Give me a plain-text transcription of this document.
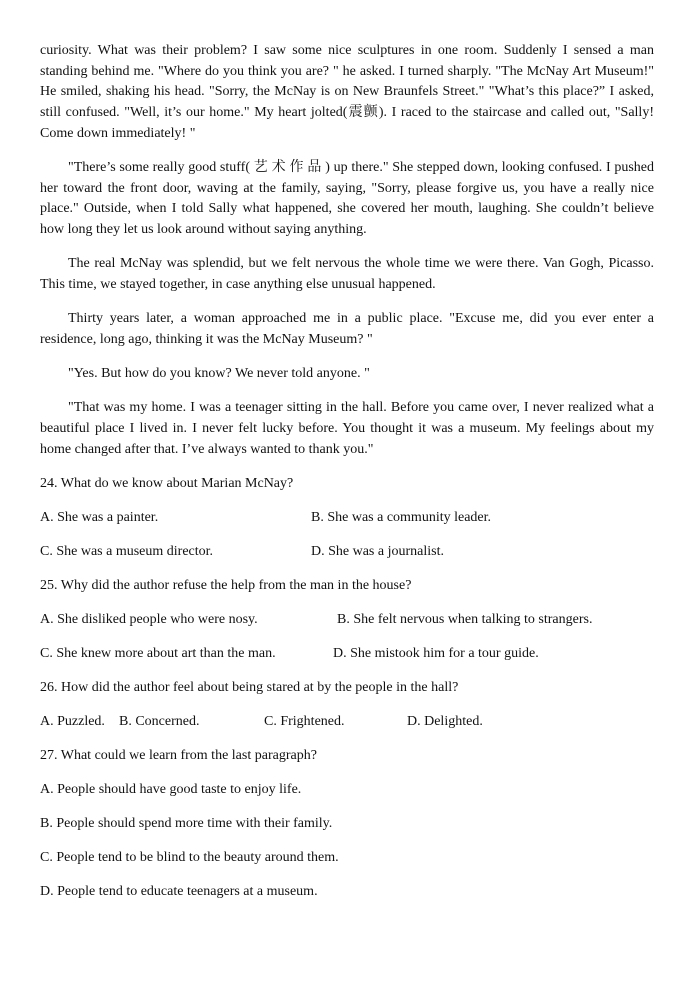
curiosity. What was their problem? I saw some nice sculptures in one room. Suddenly I sensed a man standing behind me. "Where do you think you are? " he asked. I turned sharply. "The McNay Art Museum!" He smiled, shaking his head. "Sorry, the McNay is on New Braunfels Street." "What’s this place?” I asked, still confused. "Well, it’s our home." My heart jolted(震颤). I raced to the staircase and called out, "Sally! Come down immediately! "

"There’s some really good stuff( 艺 术 作 品 ) up there." She stepped down, looking confused. I pushed her toward the front door, waving at the family, saying, "Sorry, please forgive us, you have a really nice place." Outside, when I told Sally what happened, she covered her mouth, laughing. She couldn’t believe how long they let us look around without saying anything.

The real McNay was splendid, but we felt nervous the whole time we were there. Van Gogh, Picasso. This time, we stayed together, in case anything else unusual happened.

Thirty years later, a woman approached me in a public place. "Excuse me, did you ever enter a residence, long ago, thinking it was the McNay Museum? "

"Yes. But how do you know? We never told anyone. "

"That was my home. I was a teenager sitting in the hall. Before you came over, I never realized what a beautiful place I lived in. I never felt lucky before. You thought it was a museum. My feelings about my home changed after that. I’ve always wanted to thank you."

24. What do we know about Marian McNay?
A. She was a painter.	B. She was a community leader.
C. She was a museum director.	D. She was a journalist.
25. Why did the author refuse the help from the man in the house?
A. She disliked people who were nosy.	B. She felt nervous when talking to strangers.
C. She knew more about art than the man.	D. She mistook him for a tour guide.
26. How did the author feel about being stared at by the people in the hall?
A. Puzzled.	B. Concerned.	C. Frightened.	D. Delighted.
27. What could we learn from the last paragraph?
A. People should have good taste to enjoy life.
B. People should spend more time with their family.
C. People tend to be blind to the beauty around them.
D. People tend to educate teenagers at a museum.
